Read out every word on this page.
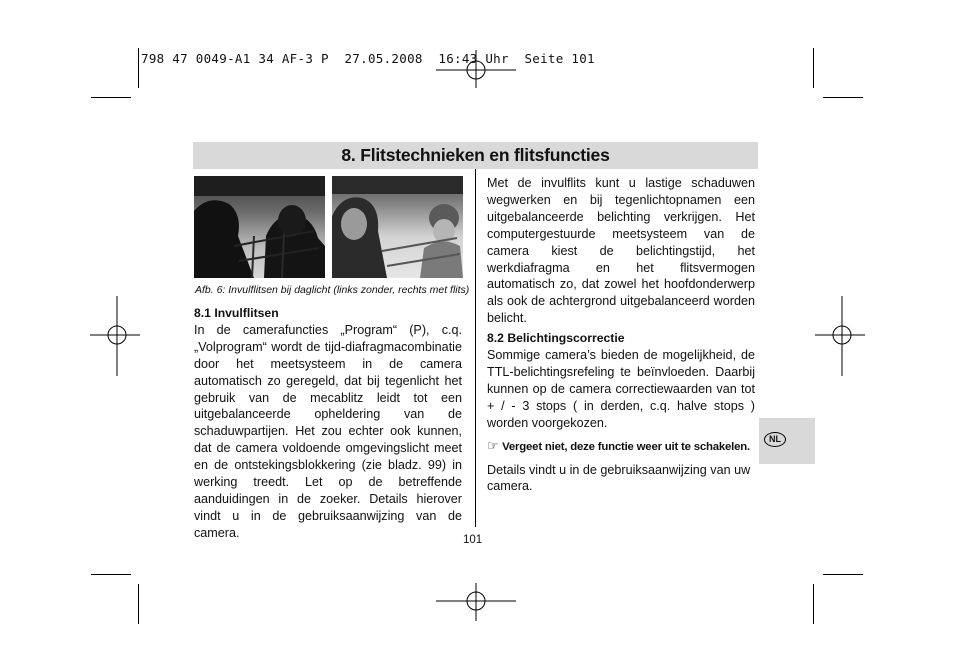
798 47 0049-A1 34 AF-3 P  27.05.2008  16:43 Uhr  Seite 101
8. Flitstechnieken en flitsfuncties
Afb. 6: Invulflitsen bij daglicht (links zonder, rechts met flits)

8.1 Invulflitsen

In de camerafuncties „Program“ (P), c.q. „Volprogram“ wordt de tijd-diafragmacombinatie door het meetsysteem in de camera automatisch zo geregeld, dat bij tegenlicht het gebruik van de mecablitz leidt tot een uitgebalanceerde opheldering van de schaduwpartijen. Het zou echter ook kunnen, dat de camera voldoende omgevingslicht meet en de ontstekingsblokkering (zie bladz. 99) in werking treedt. Let op de betreffende aanduidingen in de zoeker. Details hierover vindt u in de gebruiksaanwijzing van de camera.

Met de invulflits kunt u lastige schaduwen wegwerken en bij tegenlichtopnamen een uitgebalanceerde belichting verkrijgen. Het computergestuurde meetsysteem van de camera kiest de belichtingstijd, het werkdiafragma en het flitsvermogen automatisch zo, dat zowel het hoofdonderwerp als ook de achtergrond uitgebalanceerd worden belicht.

8.2 Belichtingscorrectie

Sommige camera’s bieden de mogelijkheid, de TTL-belichtingsrefeling te beïnvloeden. Daarbij kunnen op de camera correctiewaarden van tot + / - 3 stops ( in derden, c.q. halve stops ) worden voorgekozen.

☞ Vergeet niet, deze functie weer uit te schakelen.

Details vindt u in de gebruiksaanwijzing van uw camera.

101
NL
